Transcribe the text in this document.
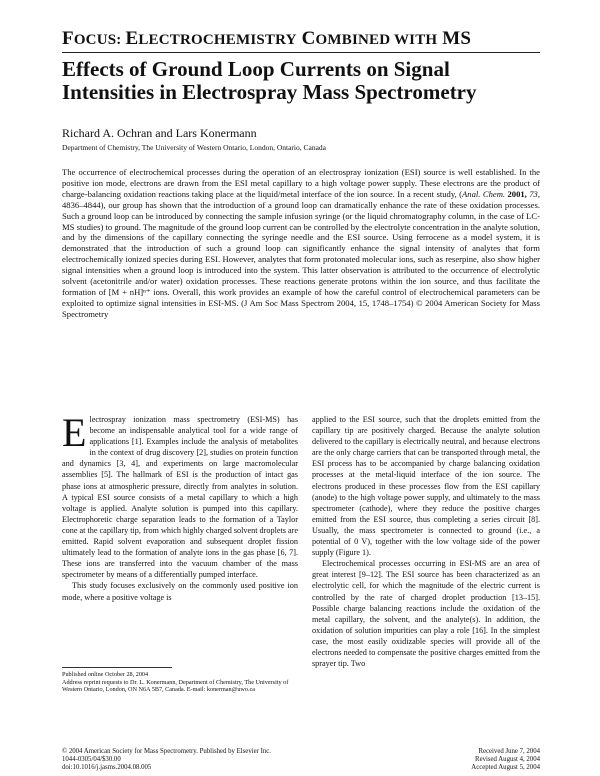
FOCUS: ELECTROCHEMISTRY COMBINED WITH MS
Effects of Ground Loop Currents on Signal Intensities in Electrospray Mass Spectrometry
Richard A. Ochran and Lars Konermann
Department of Chemistry, The University of Western Ontario, London, Ontario, Canada
The occurrence of electrochemical processes during the operation of an electrospray ionization (ESI) source is well established. In the positive ion mode, electrons are drawn from the ESI metal capillary to a high voltage power supply. These electrons are the product of charge-balancing oxidation reactions taking place at the liquid/metal interface of the ion source. In a recent study, (Anal. Chem. 2001, 73, 4836–4844), our group has shown that the introduction of a ground loop can dramatically enhance the rate of these oxidation processes. Such a ground loop can be introduced by connecting the sample infusion syringe (or the liquid chromatography column, in the case of LC-MS studies) to ground. The magnitude of the ground loop current can be controlled by the electrolyte concentration in the analyte solution, and by the dimensions of the capillary connecting the syringe needle and the ESI source. Using ferrocene as a model system, it is demonstrated that the introduction of such a ground loop can significantly enhance the signal intensity of analytes that form electrochemically ionized species during ESI. However, analytes that form protonated molecular ions, such as reserpine, also show higher signal intensities when a ground loop is introduced into the system. This latter observation is attributed to the occurrence of electrolytic solvent (acetonitrile and/or water) oxidation processes. These reactions generate protons within the ion source, and thus facilitate the formation of [M + nH]ⁿ⁺ ions. Overall, this work provides an example of how the careful control of electrochemical parameters can be exploited to optimize signal intensities in ESI-MS. (J Am Soc Mass Spectrom 2004, 15, 1748–1754) © 2004 American Society for Mass Spectrometry

Electrospray ionization mass spectrometry (ESI-MS) has become an indispensable analytical tool for a wide range of applications [1]. Examples include the analysis of metabolites in the context of drug discovery [2], studies on protein function and dynamics [3, 4], and experiments on large macromolecular assemblies [5]. The hallmark of ESI is the production of intact gas phase ions at atmospheric pressure, directly from analytes in solution. A typical ESI source consists of a metal capillary to which a high voltage is applied. Analyte solution is pumped into this capillary. Electrophoretic charge separation leads to the formation of a Taylor cone at the capillary tip, from which highly charged solvent droplets are emitted. Rapid solvent evaporation and subsequent droplet fission ultimately lead to the formation of analyte ions in the gas phase [6, 7]. These ions are transferred into the vacuum chamber of the mass spectrometer by means of a differentially pumped interface.

This study focuses exclusively on the commonly used positive ion mode, where a positive voltage is

applied to the ESI source, such that the droplets emitted from the capillary tip are positively charged. Because the analyte solution delivered to the capillary is electrically neutral, and because electrons are the only charge carriers that can be transported through metal, the ESI process has to be accompanied by charge balancing oxidation processes at the metal-liquid interface of the ion source. The electrons produced in these processes flow from the ESI capillary (anode) to the high voltage power supply, and ultimately to the mass spectrometer (cathode), where they reduce the positive charges emitted from the ESI source, thus completing a series circuit [8]. Usually, the mass spectrometer is connected to ground (i.e., a potential of 0 V), together with the low voltage side of the power supply (Figure 1).

Electrochemical processes occurring in ESI-MS are an area of great interest [9–12]. The ESI source has been characterized as an electrolytic cell, for which the magnitude of the electric current is controlled by the rate of charged droplet production [13–15]. Possible charge balancing reactions include the oxidation of the metal capillary, the solvent, and the analyte(s). In addition, the oxidation of solution impurities can play a role [16]. In the simplest case, the most easily oxidizable species will provide all of the electrons needed to compensate the positive charges emitted from the sprayer tip. Two

Published online October 28, 2004

Address reprint requests to Dr. L. Konermann, Department of Chemistry, The University of Western Ontario, London, ON N6A 5B7, Canada. E-mail: konerman@uwo.ca

© 2004 American Society for Mass Spectrometry. Published by Elsevier Inc.
1044-0305/04/$30.00
doi:10.1016/j.jasms.2004.08.005
Received June 7, 2004
Revised August 4, 2004
Accepted August 5, 2004
